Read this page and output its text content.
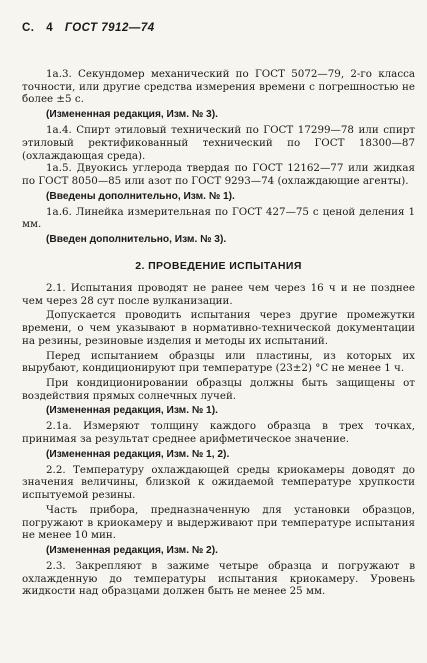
С. 4 ГОСТ 7912—74

1а.3. Секундомер механический по ГОСТ 5072—79, 2-го класса точности, или другие средства измерения времени с погрешностью не более ±5 с.

(Измененная редакция, Изм. № 3).

1а.4. Спирт этиловый технический по ГОСТ 17299—78 или спирт этиловый ректификованный технический по ГОСТ 18300—87 (охлаждающая среда).

1а.5. Двуокись углерода твердая по ГОСТ 12162—77 или жидкая по ГОСТ 8050—85 или азот по ГОСТ 9293—74 (охлаждающие агенты).

(Введены дополнительно, Изм. № 1).

1а.6. Линейка измерительная по ГОСТ 427—75 с ценой деления 1 мм.

(Введен дополнительно, Изм. № 3).

2. ПРОВЕДЕНИЕ ИСПЫТАНИЯ

2.1. Испытания проводят не ранее чем через 16 ч и не позднее чем через 28 сут после вулканизации.

Допускается проводить испытания через другие промежутки времени, о чем указывают в нормативно-технической документации на резины, резиновые изделия и методы их испытаний.

Перед испытанием образцы или пластины, из которых их вырубают, кондиционируют при температуре (23±2) °С не менее 1 ч.

При кондиционировании образцы должны быть защищены от воздействия прямых солнечных лучей.

(Измененная редакция, Изм. № 1).

2.1а. Измеряют толщину каждого образца в трех точках, принимая за результат среднее арифметическое значение.

(Измененная редакция, Изм. № 1, 2).

2.2. Температуру охлаждающей среды криокамеры доводят до значения величины, близкой к ожидаемой температуре хрупкости испытуемой резины.

Часть прибора, предназначенную для установки образцов, погружают в криокамеру и выдерживают при температуре испытания не менее 10 мин.

(Измененная редакция, Изм. № 2).

2.3. Закрепляют в зажиме четыре образца и погружают в охлажденную до температуры испытания криокамеру. Уровень жидкости над образцами должен быть не менее 25 мм.
